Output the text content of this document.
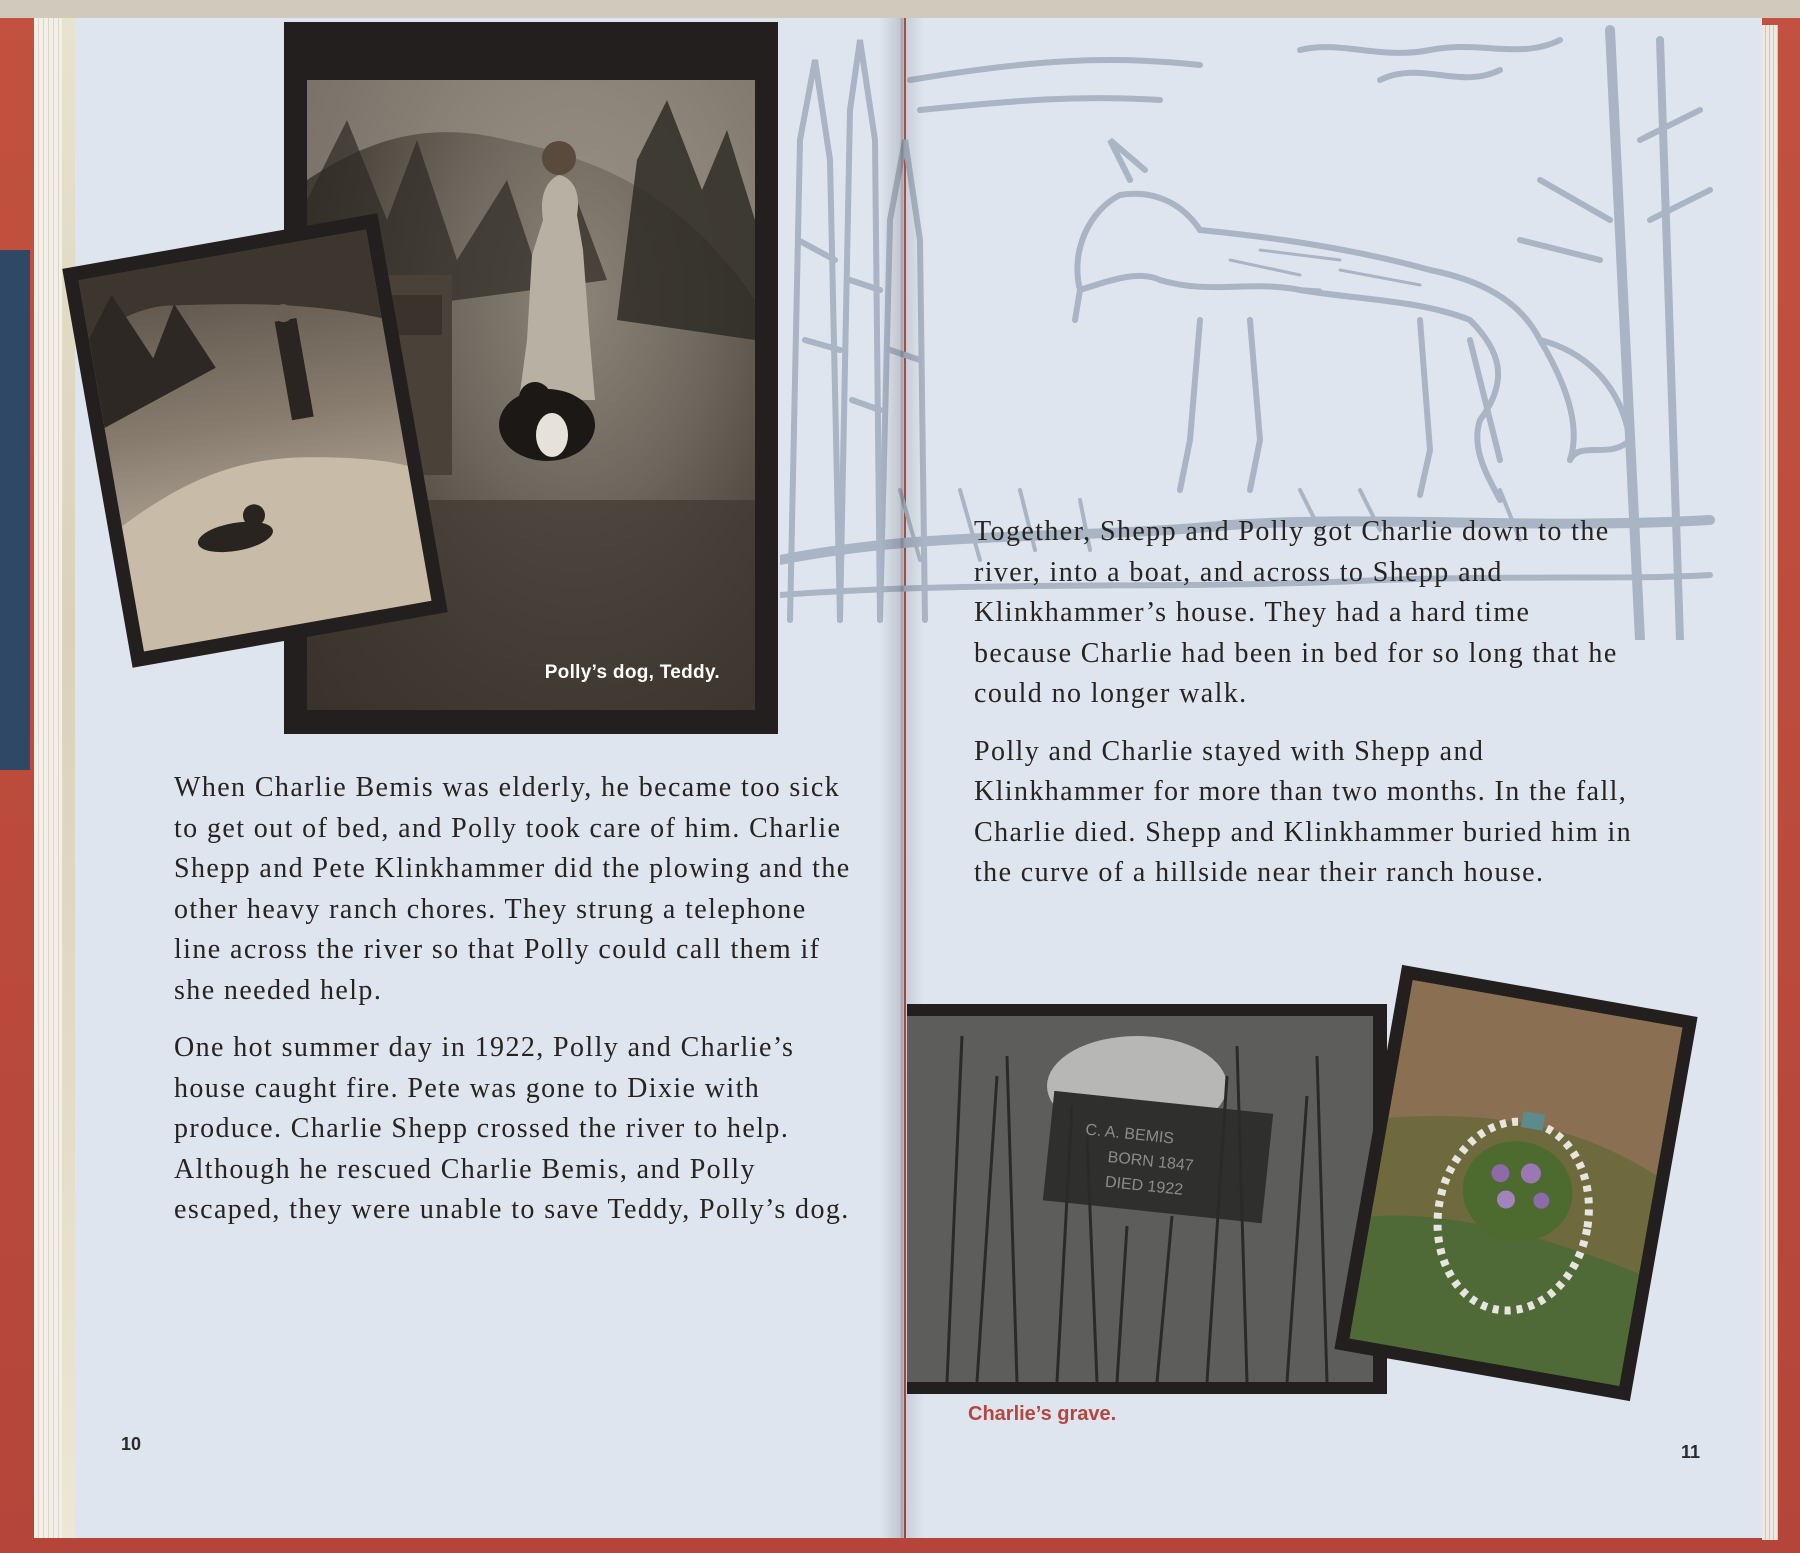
Polly’s dog, Teddy.
C. A. BEMIS
BORN 1847
DIED 1922

When Charlie Bemis was elderly, he became too sick to get out of bed, and Polly took care of him. Charlie Shepp and Pete Klinkhammer did the plowing and the other heavy ranch chores. They strung a telephone line across the river so that Polly could call them if she needed help.

One hot summer day in 1922, Polly and Charlie’s house caught fire. Pete was gone to Dixie with produce. Charlie Shepp crossed the river to help. Although he rescued Charlie Bemis, and Polly escaped, they were unable to save Teddy, Polly’s dog.

Together, Shepp and Polly got Charlie down to the river, into a boat, and across to Shepp and Klinkhammer’s house. They had a hard time because Charlie had been in bed for so long that he could no longer walk.

Polly and Charlie stayed with Shepp and Klinkhammer for more than two months. In the fall, Charlie died. Shepp and Klinkhammer buried him in the curve of a hillside near their ranch house.

Charlie’s grave.
10	11
